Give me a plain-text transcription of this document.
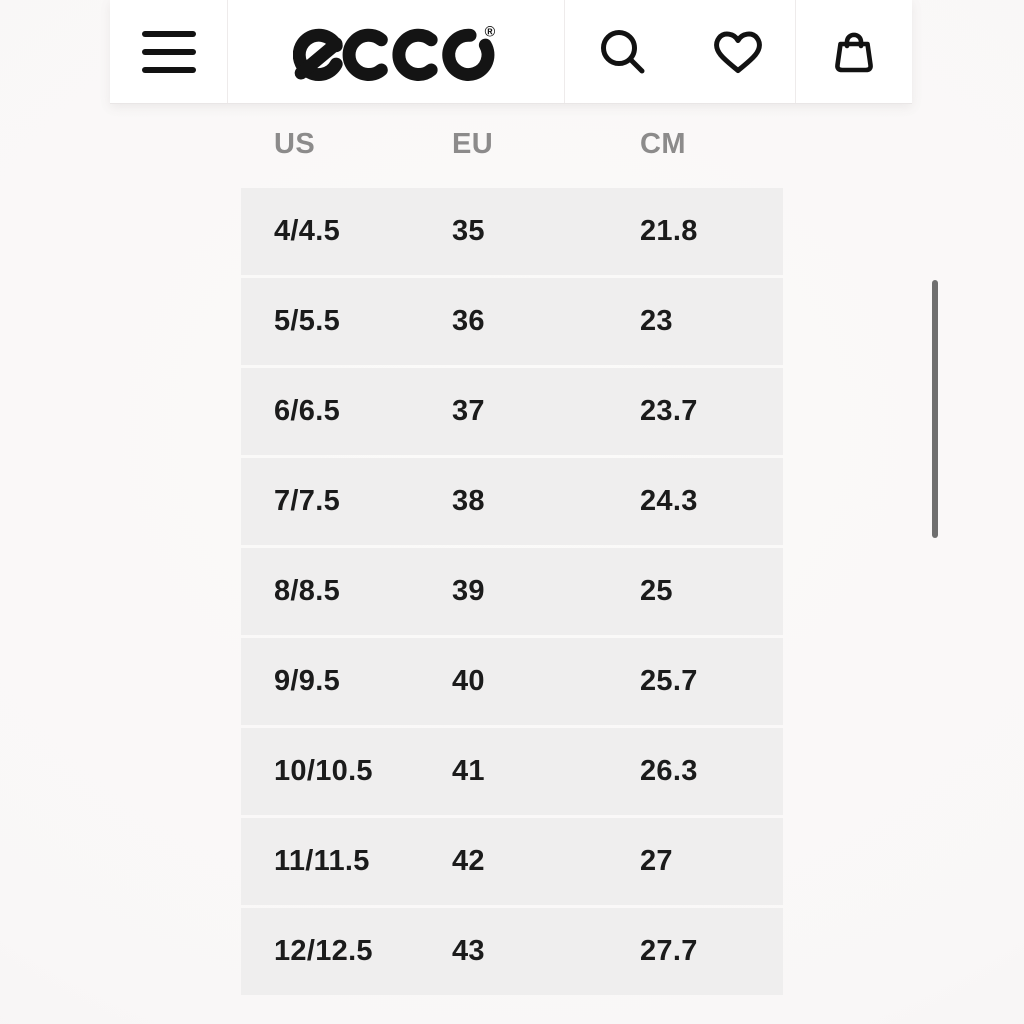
®
US	EU	CM
4/4.5	35	21.8
5/5.5	36	23
6/6.5	37	23.7
7/7.5	38	24.3
8/8.5	39	25
9/9.5	40	25.7
10/10.5	41	26.3
11/11.5	42	27
12/12.5	43	27.7
